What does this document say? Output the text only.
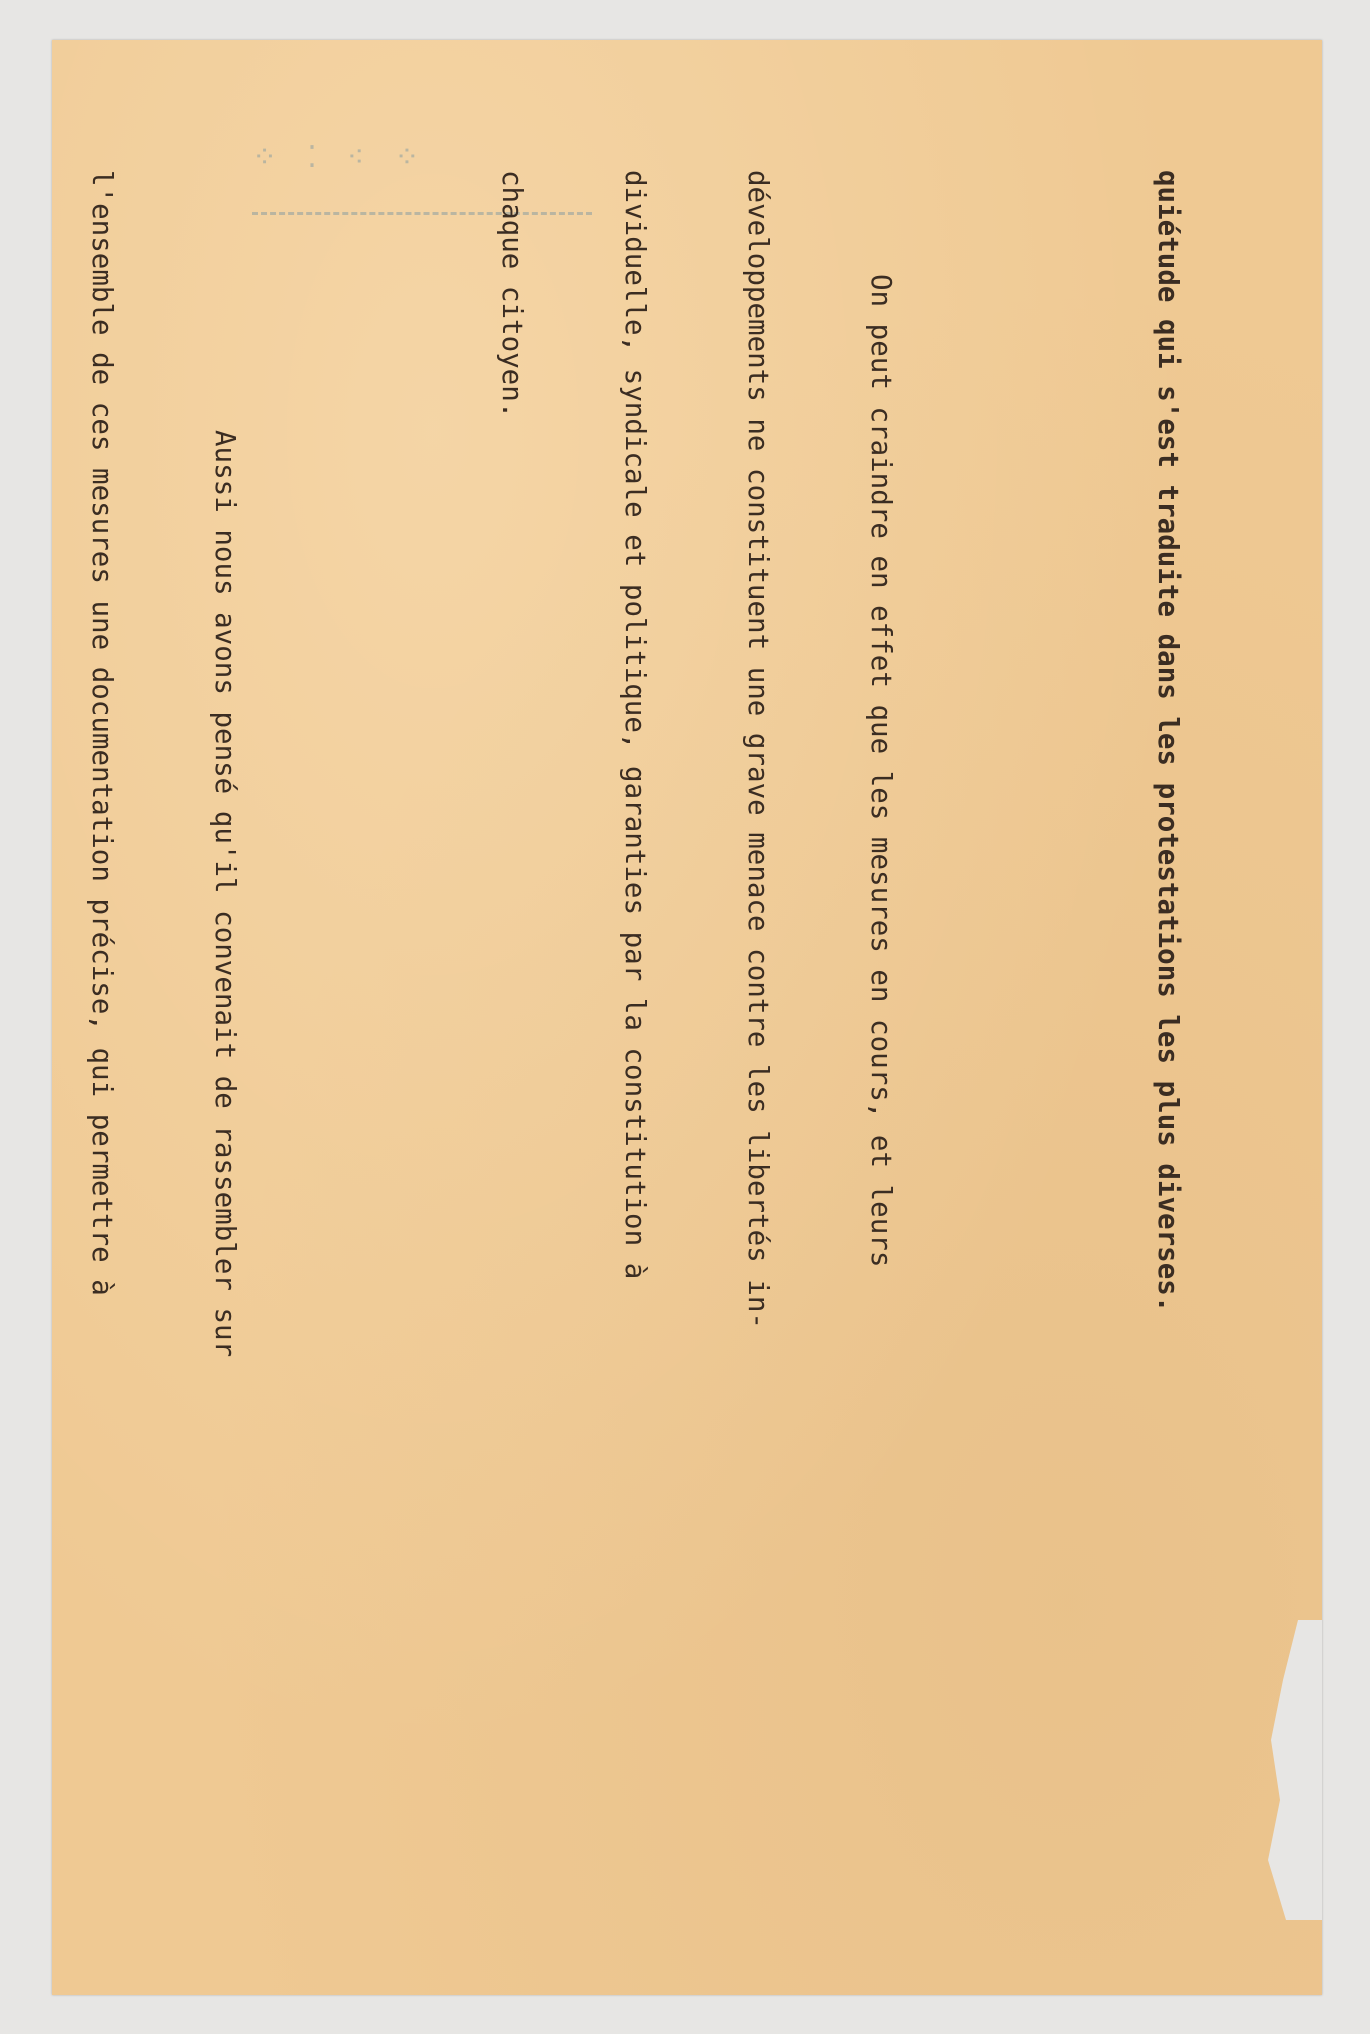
⁘ ⁚ ⁖ ⁘

quiétude qui s'est traduite dans les protestations les plus diverses.

On peut craindre en effet que les mesures en cours, et leurs

développements ne constituent une grave menace contre les libertés in-

dividuelle, syndicale et politique, garanties par la constitution à

chaque citoyen.

Aussi nous avons pensé qu'il convenait de rassembler sur

l'ensemble de ces mesures une documentation précise, qui permettre à
